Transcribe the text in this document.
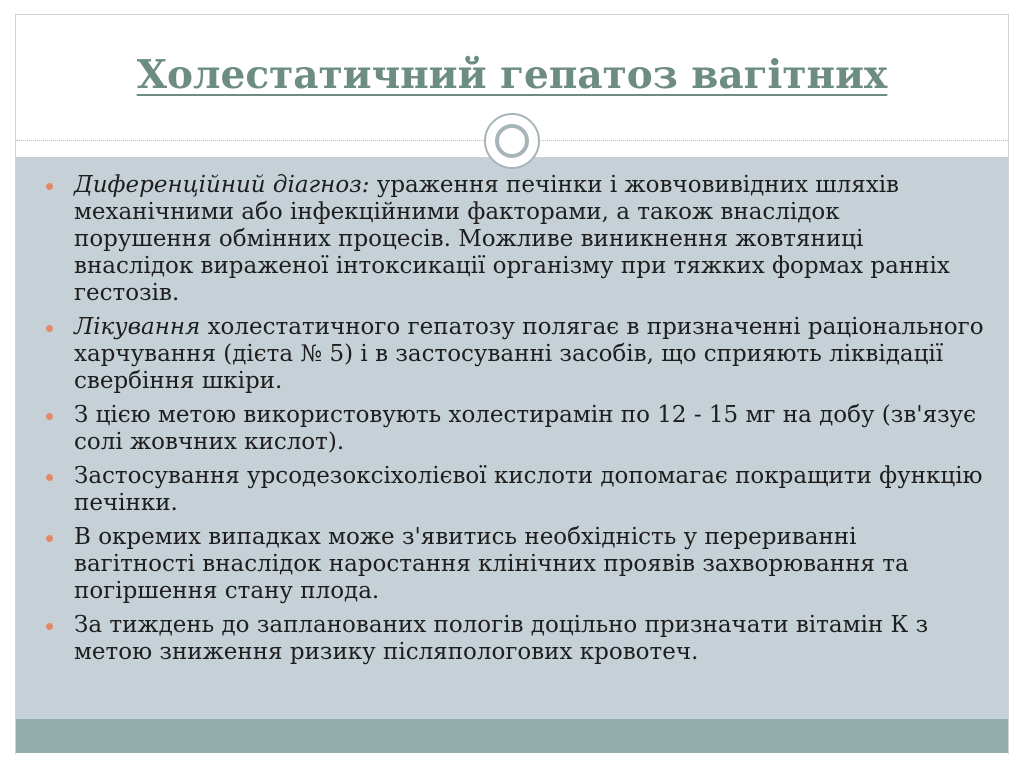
Холестатичний гепатоз вагітних
Диференційний діагноз: ураження печінки і жовчовивідних шляхів механічними або інфекційними факторами, а також внаслідок порушення обмінних процесів. Можливе виникнення жовтяниці внаслідок вираженої інтоксикації організму при тяжких формах ранніх гестозів.
Лікування холестатичного гепатозу полягає в призначенні раціонального харчування (дієта № 5) і в застосуванні засобів, що сприяють ліквідації свербіння шкіри.
З цією метою використовують холестирамін по 12 - 15 мг на добу (зв'язує солі жовчних кислот).
Застосування урсодезоксіхолієвої кислоти допомагає покращити функцію печінки.
В окремих випадках може з'явитись необхідність у перериванні вагітності внаслідок наростання клінічних проявів захворювання та погіршення стану плода.
За тиждень до запланованих пологів доцільно призначати вітамін К з метою зниження ризику післяпологових кровотеч.
